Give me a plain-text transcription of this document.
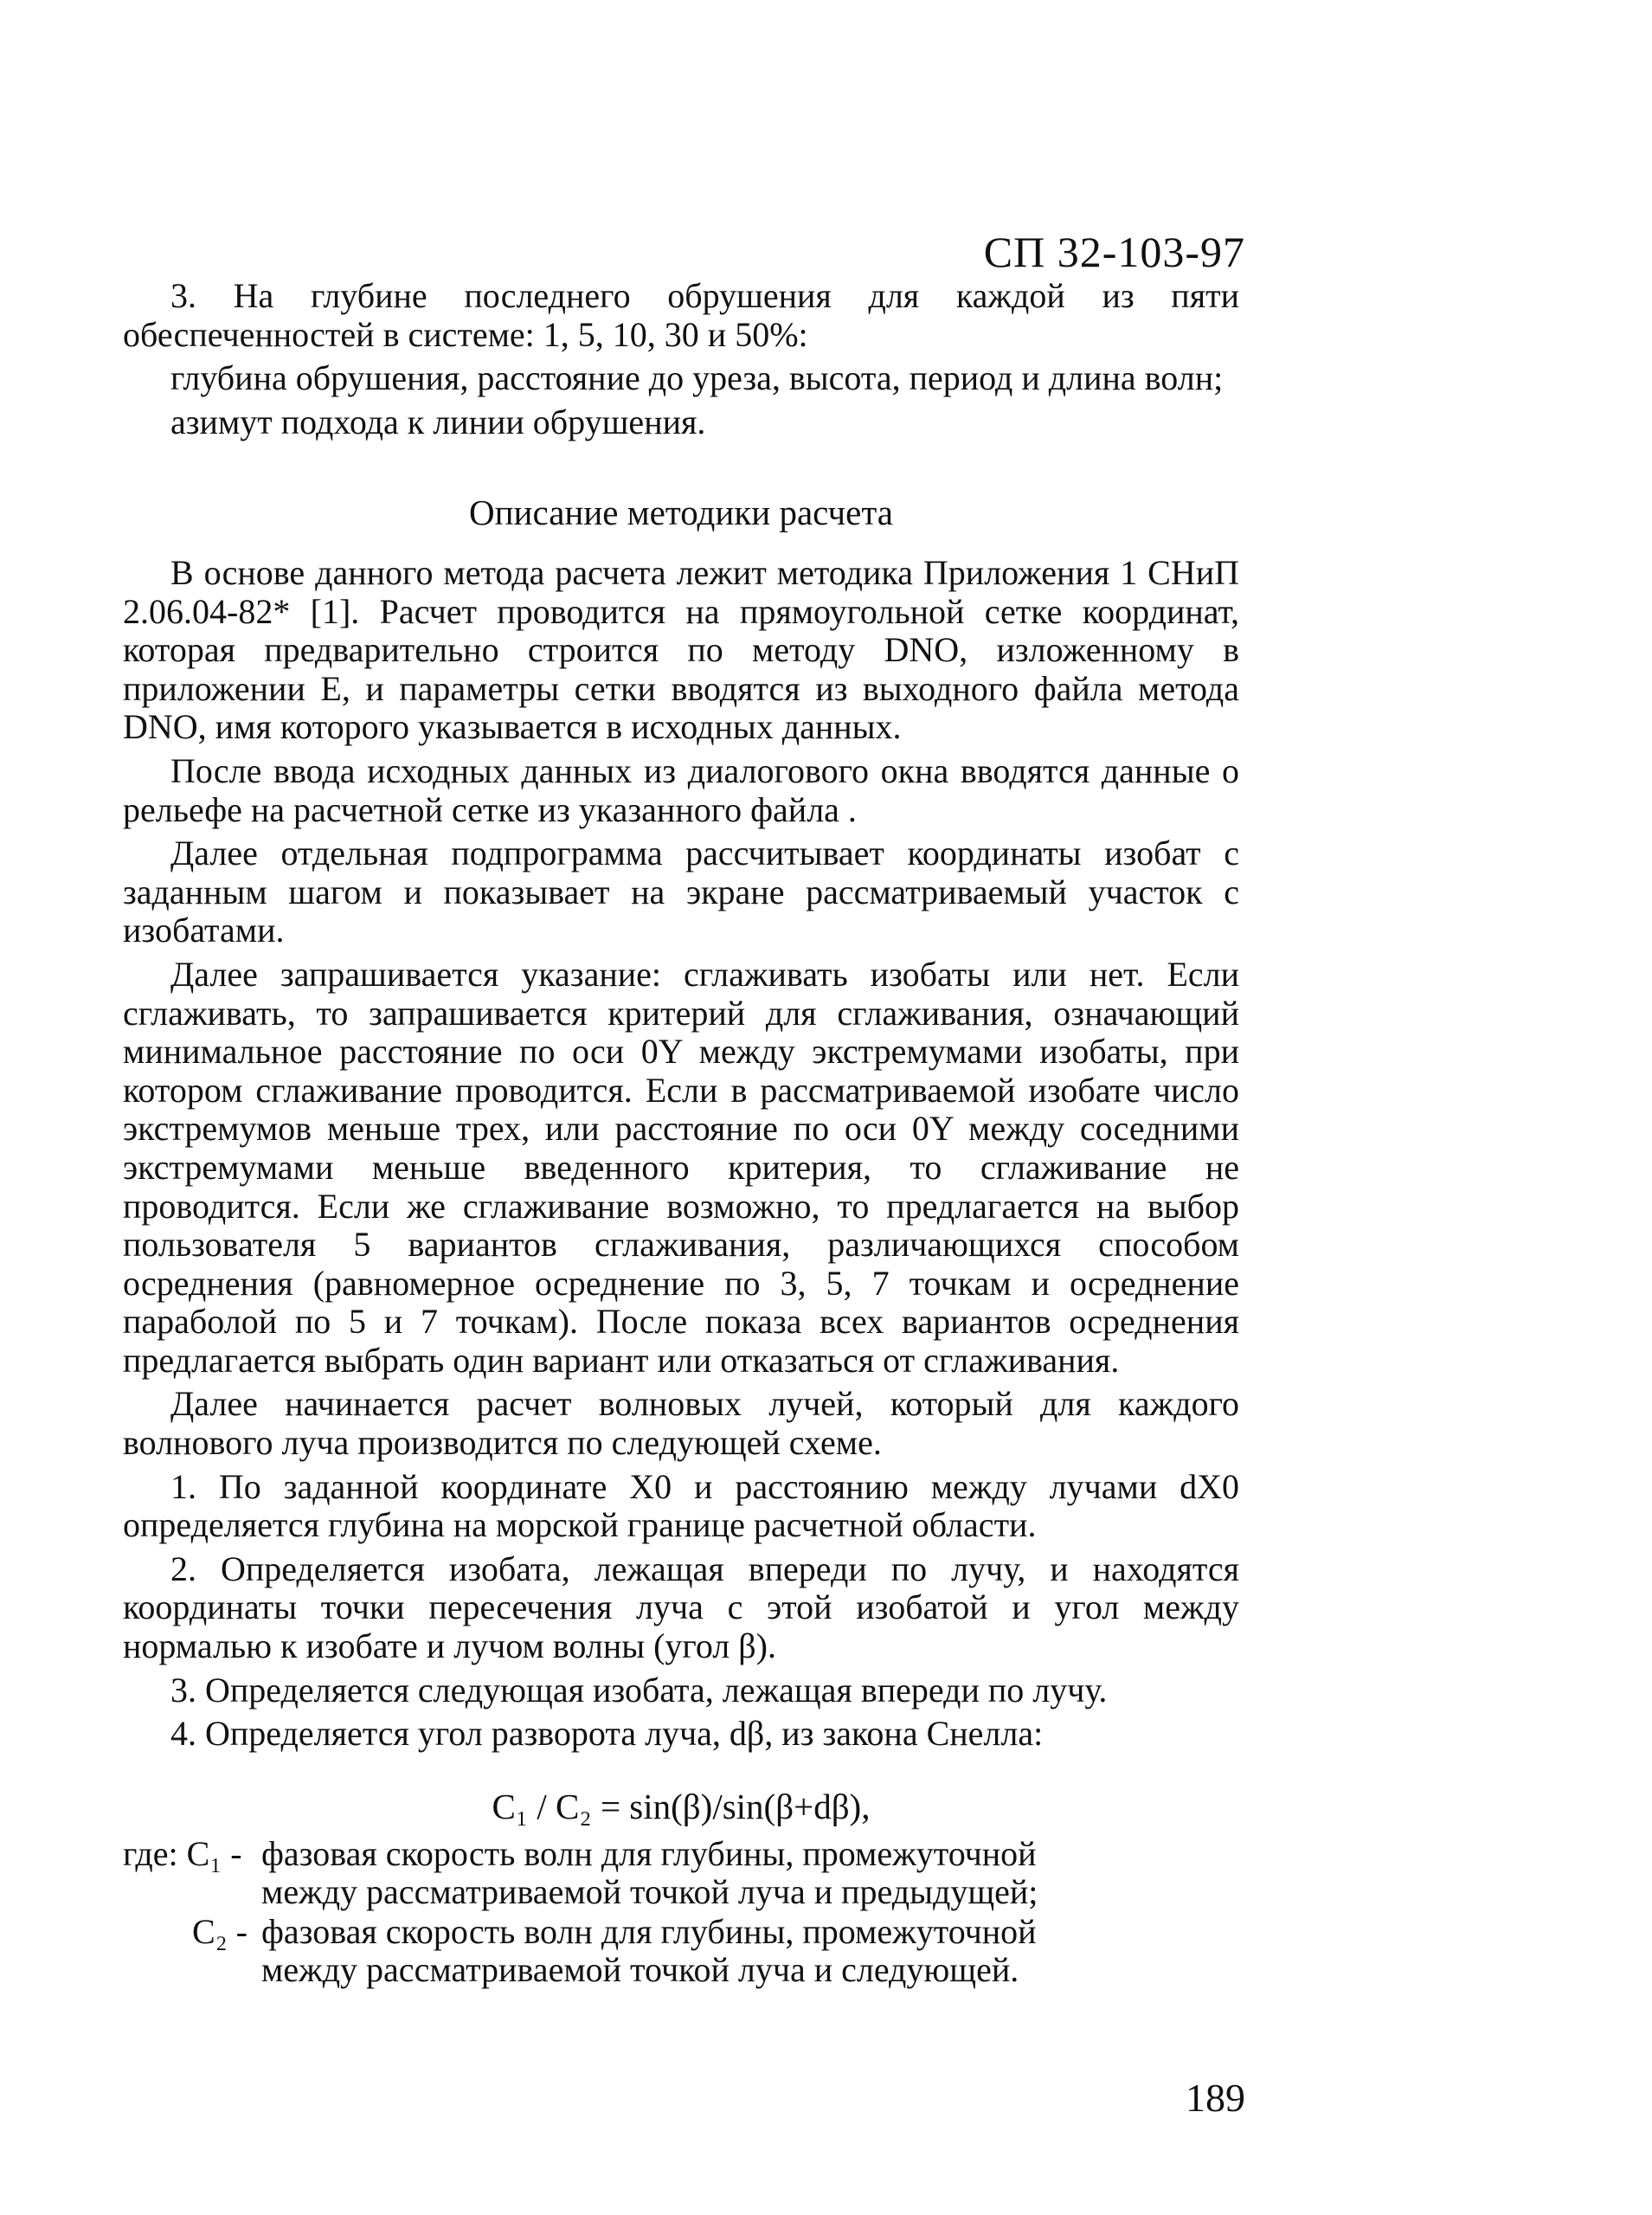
СП 32-103-97

3. На глубине последнего обрушения для каждой из пяти обеспеченностей в системе: 1, 5, 10, 30 и 50%:

глубина обрушения, расстояние до уреза, высота, период и длина волн;

азимут подхода к линии обрушения.

Описание методики расчета

В основе данного метода расчета лежит методика Приложения 1 СНиП 2.06.04-82* [1]. Расчет проводится на прямоугольной сетке координат, которая предварительно строится по методу DNO, изложенному в приложении Е, и параметры сетки вводятся из выходного файла метода DNO, имя которого указывается в исходных данных.

После ввода исходных данных из диалогового окна вводятся данные о рельефе на расчетной сетке из указанного файла .

Далее отдельная подпрограмма рассчитывает координаты изобат с заданным шагом и показывает на экране рассматриваемый участок с изобатами.

Далее запрашивается указание: сглаживать изобаты или нет. Если сглаживать, то запрашивается критерий для сглаживания, означающий минимальное расстояние по оси 0Y между экстремумами изобаты, при котором сглаживание проводится. Если в рассматриваемой изобате число экстремумов меньше трех, или расстояние по оси 0Y между соседними экстремумами меньше введенного критерия, то сглаживание не проводится. Если же сглаживание возможно, то предлагается на выбор пользователя 5 вариантов сглаживания, различающихся способом осреднения (равномерное осреднение по 3, 5, 7 точкам и осреднение параболой по 5 и 7 точкам). После показа всех вариантов осреднения предлагается выбрать один вариант или отказаться от сглаживания.

Далее начинается расчет волновых лучей, который для каждого волнового луча производится по следующей схеме.

1. По заданной координате X0 и расстоянию между лучами dX0 определяется глубина на морской границе расчетной области.

2. Определяется изобата, лежащая впереди по лучу, и находятся координаты точки пересечения луча с этой изобатой и угол между нормалью к изобате и лучом волны (угол β).

3. Определяется следующая изобата, лежащая впереди по лучу.

4. Определяется угол разворота луча, dβ, из закона Снелла:

C₁ / C₂ = sin(β)/sin(β+dβ),
где: C₁ - фазовая скорость волн для глубины, промежуточной
между рассматриваемой точкой луча и предыдущей;
C₂ - фазовая скорость волн для глубины, промежуточной
между рассматриваемой точкой луча и следующей.
189
